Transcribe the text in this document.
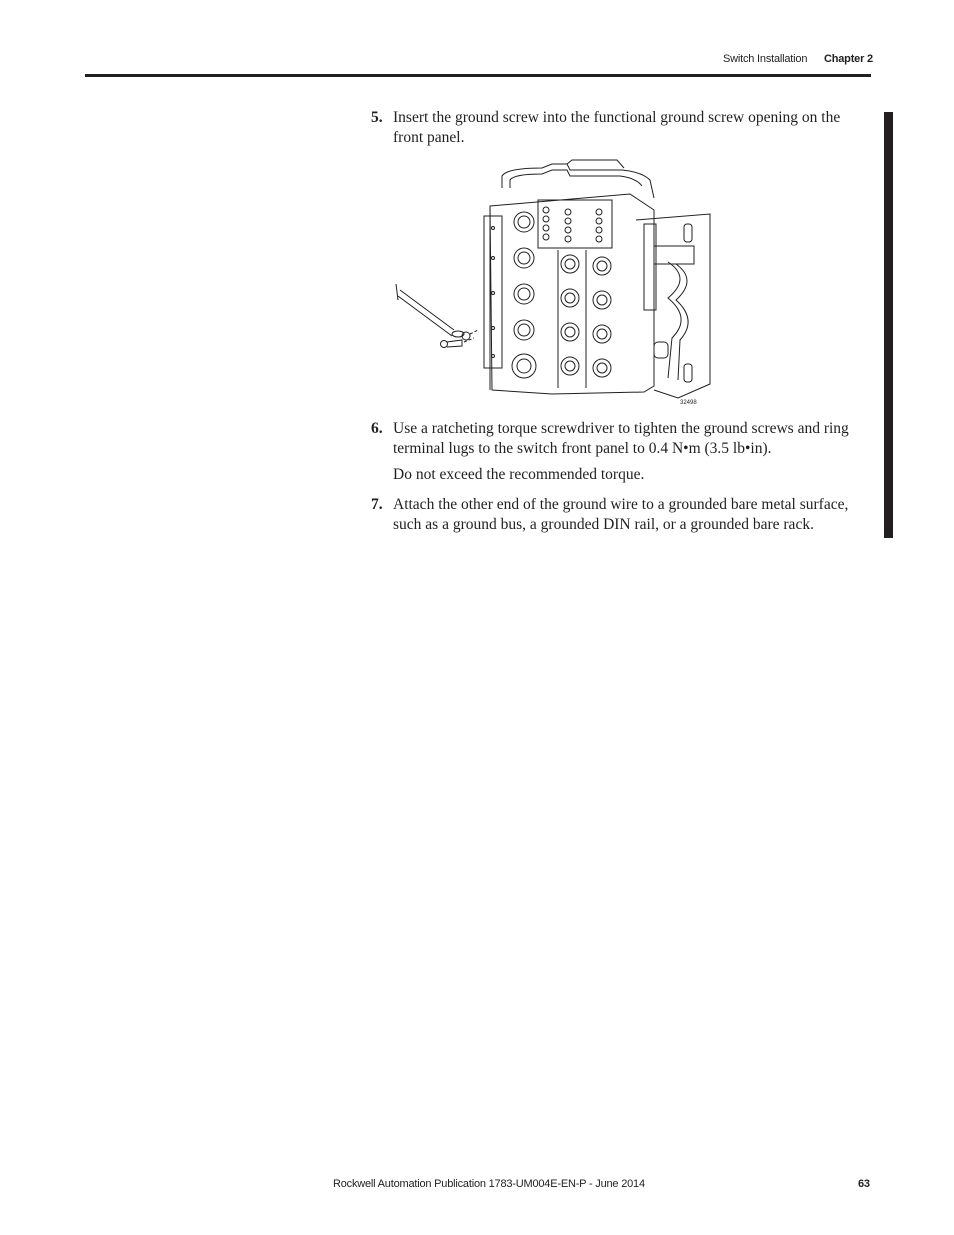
Switch Installation Chapter 2
5. Insert the ground screw into the functional ground screw opening on the front panel.
32498
6. Use a ratcheting torque screwdriver to tighten the ground screws and ring terminal lugs to the switch front panel to 0.4 N•m (3.5 lb•in).
Do not exceed the recommended torque.
7. Attach the other end of the ground wire to a grounded bare metal surface, such as a ground bus, a grounded DIN rail, or a grounded bare rack.
Rockwell Automation Publication 1783-UM004E-EN-P - June 2014	63
